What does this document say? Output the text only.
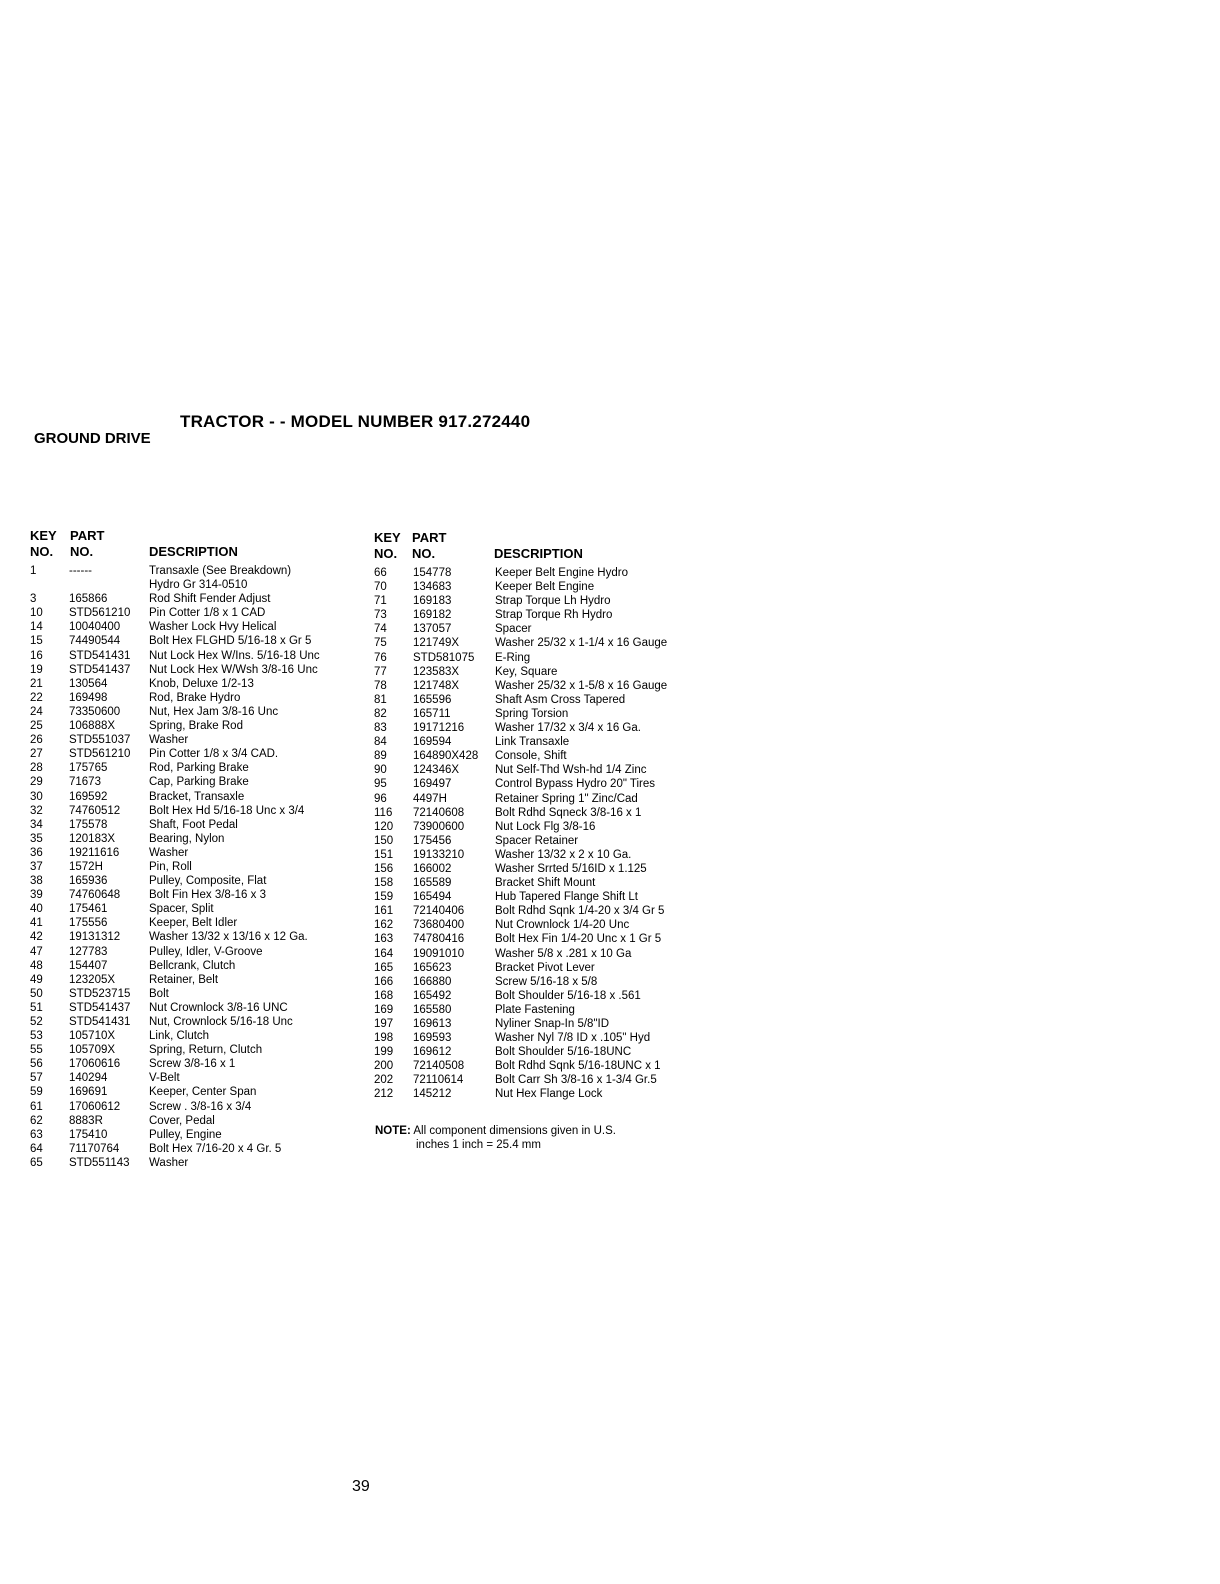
TRACTOR - - MODEL NUMBER 917.272440
GROUND DRIVE
KEY
NO.
PART
NO.	DESCRIPTION
1	------	Transaxle (See Breakdown)
Hydro Gr 314-0510
3	165866	Rod Shift Fender Adjust
10 STD561210 Pin Cotter 1/8 x 1 CAD
14 10040400	Washer Lock Hvy Helical
15 74490544	Bolt Hex FLGHD 5/16-18 x Gr 5
16 STD541431 Nut Lock Hex W/Ins. 5/16-18 Unc
19 STD541437 Nut Lock Hex W/Wsh 3/8-16 Unc
21 130564	Knob, Deluxe 1/2-13
22 169498	Rod, Brake Hydro
24 73350600	Nut, Hex Jam 3/8-16 Unc
25 106888X	Spring, Brake Rod
26 STD551037 Washer
27 STD561210 Pin Cotter 1/8 x 3/4 CAD.
28 175765	Rod, Parking Brake
29 71673	Cap, Parking Brake
30 169592	Bracket, Transaxle
32 74760512	Bolt Hex Hd 5/16-18 Unc x 3/4
34 175578	Shaft, Foot Pedal
35 120183X	Bearing, Nylon
36 19211616	Washer
37 1572H	Pin, Roll
38 165936	Pulley, Composite, Flat
39 74760648	Bolt Fin Hex 3/8-16 x 3
40 175461	Spacer, Split
41 175556	Keeper, Belt Idler
42 19131312	Washer 13/32 x 13/16 x 12 Ga.
47 127783	Pulley, Idler, V-Groove
48 154407	Bellcrank, Clutch
49 123205X	Retainer, Belt
50 STD523715 Bolt
51 STD541437 Nut Crownlock 3/8-16 UNC
52 STD541431 Nut, Crownlock 5/16-18 Unc
53 105710X	Link, Clutch
55 105709X	Spring, Return, Clutch
56 17060616	Screw 3/8-16 x 1
57 140294	V-Belt
59 169691	Keeper, Center Span
61 17060612	Screw . 3/8-16 x 3/4
62 8883R	Cover, Pedal
63 175410	Pulley, Engine
64 71170764	Bolt Hex 7/16-20 x 4 Gr. 5
65 STD551143 Washer
KEY
NO.
PART
NO.	DESCRIPTION
66 154778	Keeper Belt Engine Hydro
70 134683	Keeper Belt Engine
71 169183	Strap Torque Lh Hydro
73 169182	Strap Torque Rh Hydro
74 137057	Spacer
75 121749X	Washer 25/32 x 1-1/4 x 16 Gauge
76 STD581075 E-Ring
77 123583X	Key, Square
78 121748X	Washer 25/32 x 1-5/8 x 16 Gauge
81 165596	Shaft Asm Cross Tapered
82 165711	Spring Torsion
83 19171216	Washer 17/32 x 3/4 x 16 Ga.
84 169594	Link Transaxle
89 164890X428 Console, Shift
90 124346X	Nut Self-Thd Wsh-hd 1/4 Zinc
95 169497	Control Bypass Hydro 20" Tires
96 4497H	Retainer Spring 1" Zinc/Cad
116 72140608	Bolt Rdhd Sqneck 3/8-16 x 1
120 73900600	Nut Lock Flg 3/8-16
150 175456	Spacer Retainer
151 19133210	Washer 13/32 x 2 x 10 Ga.
156 166002	Washer Srrted 5/16ID x 1.125
158 165589	Bracket Shift Mount
159 165494	Hub Tapered Flange Shift Lt
161 72140406	Bolt Rdhd Sqnk 1/4-20 x 3/4 Gr 5
162 73680400	Nut Crownlock 1/4-20 Unc
163 74780416	Bolt Hex Fin 1/4-20 Unc x 1 Gr 5
164 19091010	Washer 5/8 x .281 x 10 Ga
165 165623	Bracket Pivot Lever
166 166880	Screw 5/16-18 x 5/8
168 165492	Bolt Shoulder 5/16-18 x .561
169 165580	Plate Fastening
197 169613	Nyliner Snap-In 5/8"ID
198 169593	Washer Nyl 7/8 ID x .105" Hyd
199 169612	Bolt Shoulder 5/16-18UNC
200 72140508	Bolt Rdhd Sqnk 5/16-18UNC x 1
202 72110614	Bolt Carr Sh 3/8-16 x 1-3/4 Gr.5
212 145212	Nut Hex Flange Lock
NOTE: All component dimensions given in U.S.
inches 1 inch = 25.4 mm
39
